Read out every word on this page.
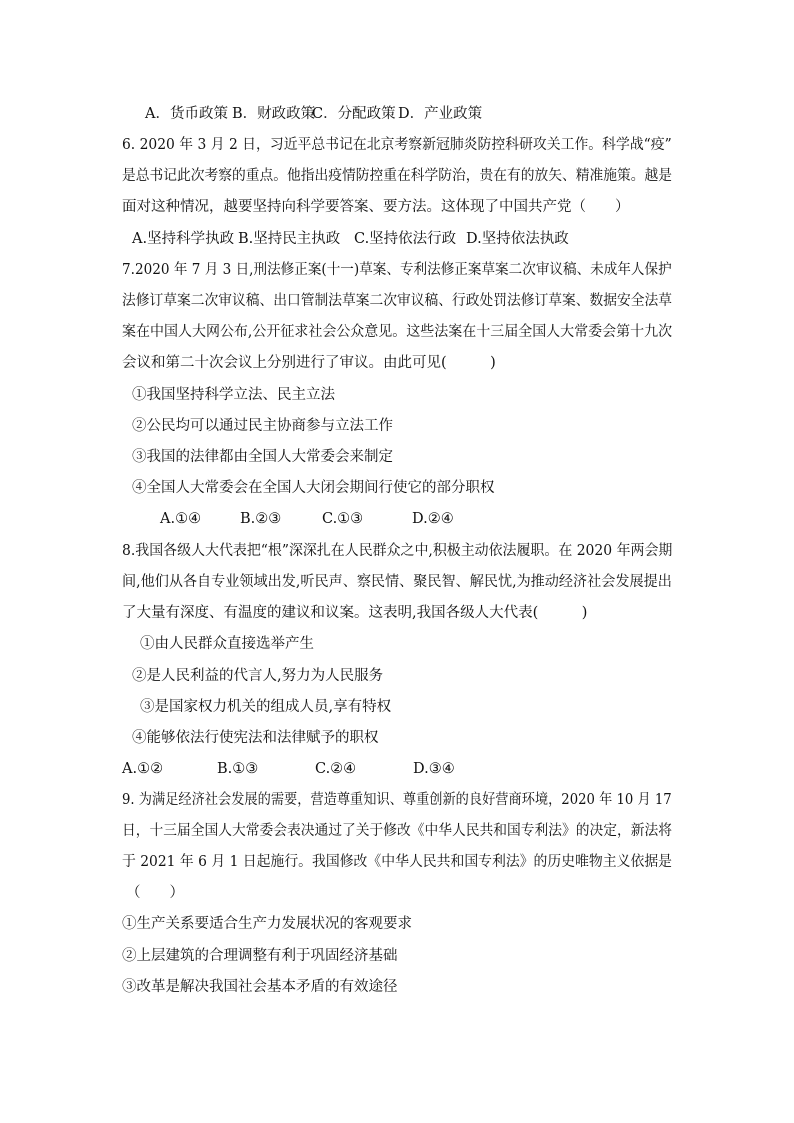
A．货币政策 B．财政政策
C．分配政策 D．产业政策
6. 2020 年 3 月 2 日，习近平总书记在北京考察新冠肺炎防控科研攻关工作。科学战“疫”
是总书记此次考察的重点。他指出疫情防控重在科学防治，贵在有的放矢、精准施策。越是
面对这种情况，越要坚持向科学要答案、要方法。这体现了中国共产党（　　）
A.坚持科学执政 B.坚持民主执政 C.坚持依法行政 D.坚持依法执政
7.2020 年 7 月 3 日,刑法修正案(十一)草案、专利法修正案草案二次审议稿、未成年人保护
法修订草案二次审议稿、出口管制法草案二次审议稿、行政处罚法修订草案、数据安全法草
案在中国人大网公布,公开征求社会公众意见。这些法案在十三届全国人大常委会第十九次
会议和第二十次会议上分别进行了审议。由此可见(　　　)
①我国坚持科学立法、民主立法
②公民均可以通过民主协商参与立法工作
③我国的法律都由全国人大常委会来制定
④全国人大常委会在全国人大闭会期间行使它的部分职权
A.①④	B.②③	C.①③	D.②④
8.我国各级人大代表把“根”深深扎在人民群众之中,积极主动依法履职。在 2020 年两会期
间,他们从各自专业领域出发,听民声、察民情、聚民智、解民忧,为推动经济社会发展提出
了大量有深度、有温度的建议和议案。这表明,我国各级人大代表(　　　)
①由人民群众直接选举产生
②是人民利益的代言人,努力为人民服务
③是国家权力机关的组成人员,享有特权
④能够依法行使宪法和法律赋予的职权
A.①②	B.①③	C.②④	D.③④
9. 为满足经济社会发展的需要，营造尊重知识、尊重创新的良好营商环境，2020 年 10 月 17
日，十三届全国人大常委会表决通过了关于修改《中华人民共和国专利法》的决定，新法将
于 2021 年 6 月 1 日起施行。我国修改《中华人民共和国专利法》的历史唯物主义依据是
（　　）
①生产关系要适合生产力发展状况的客观要求
②上层建筑的合理调整有利于巩固经济基础
③改革是解决我国社会基本矛盾的有效途径
